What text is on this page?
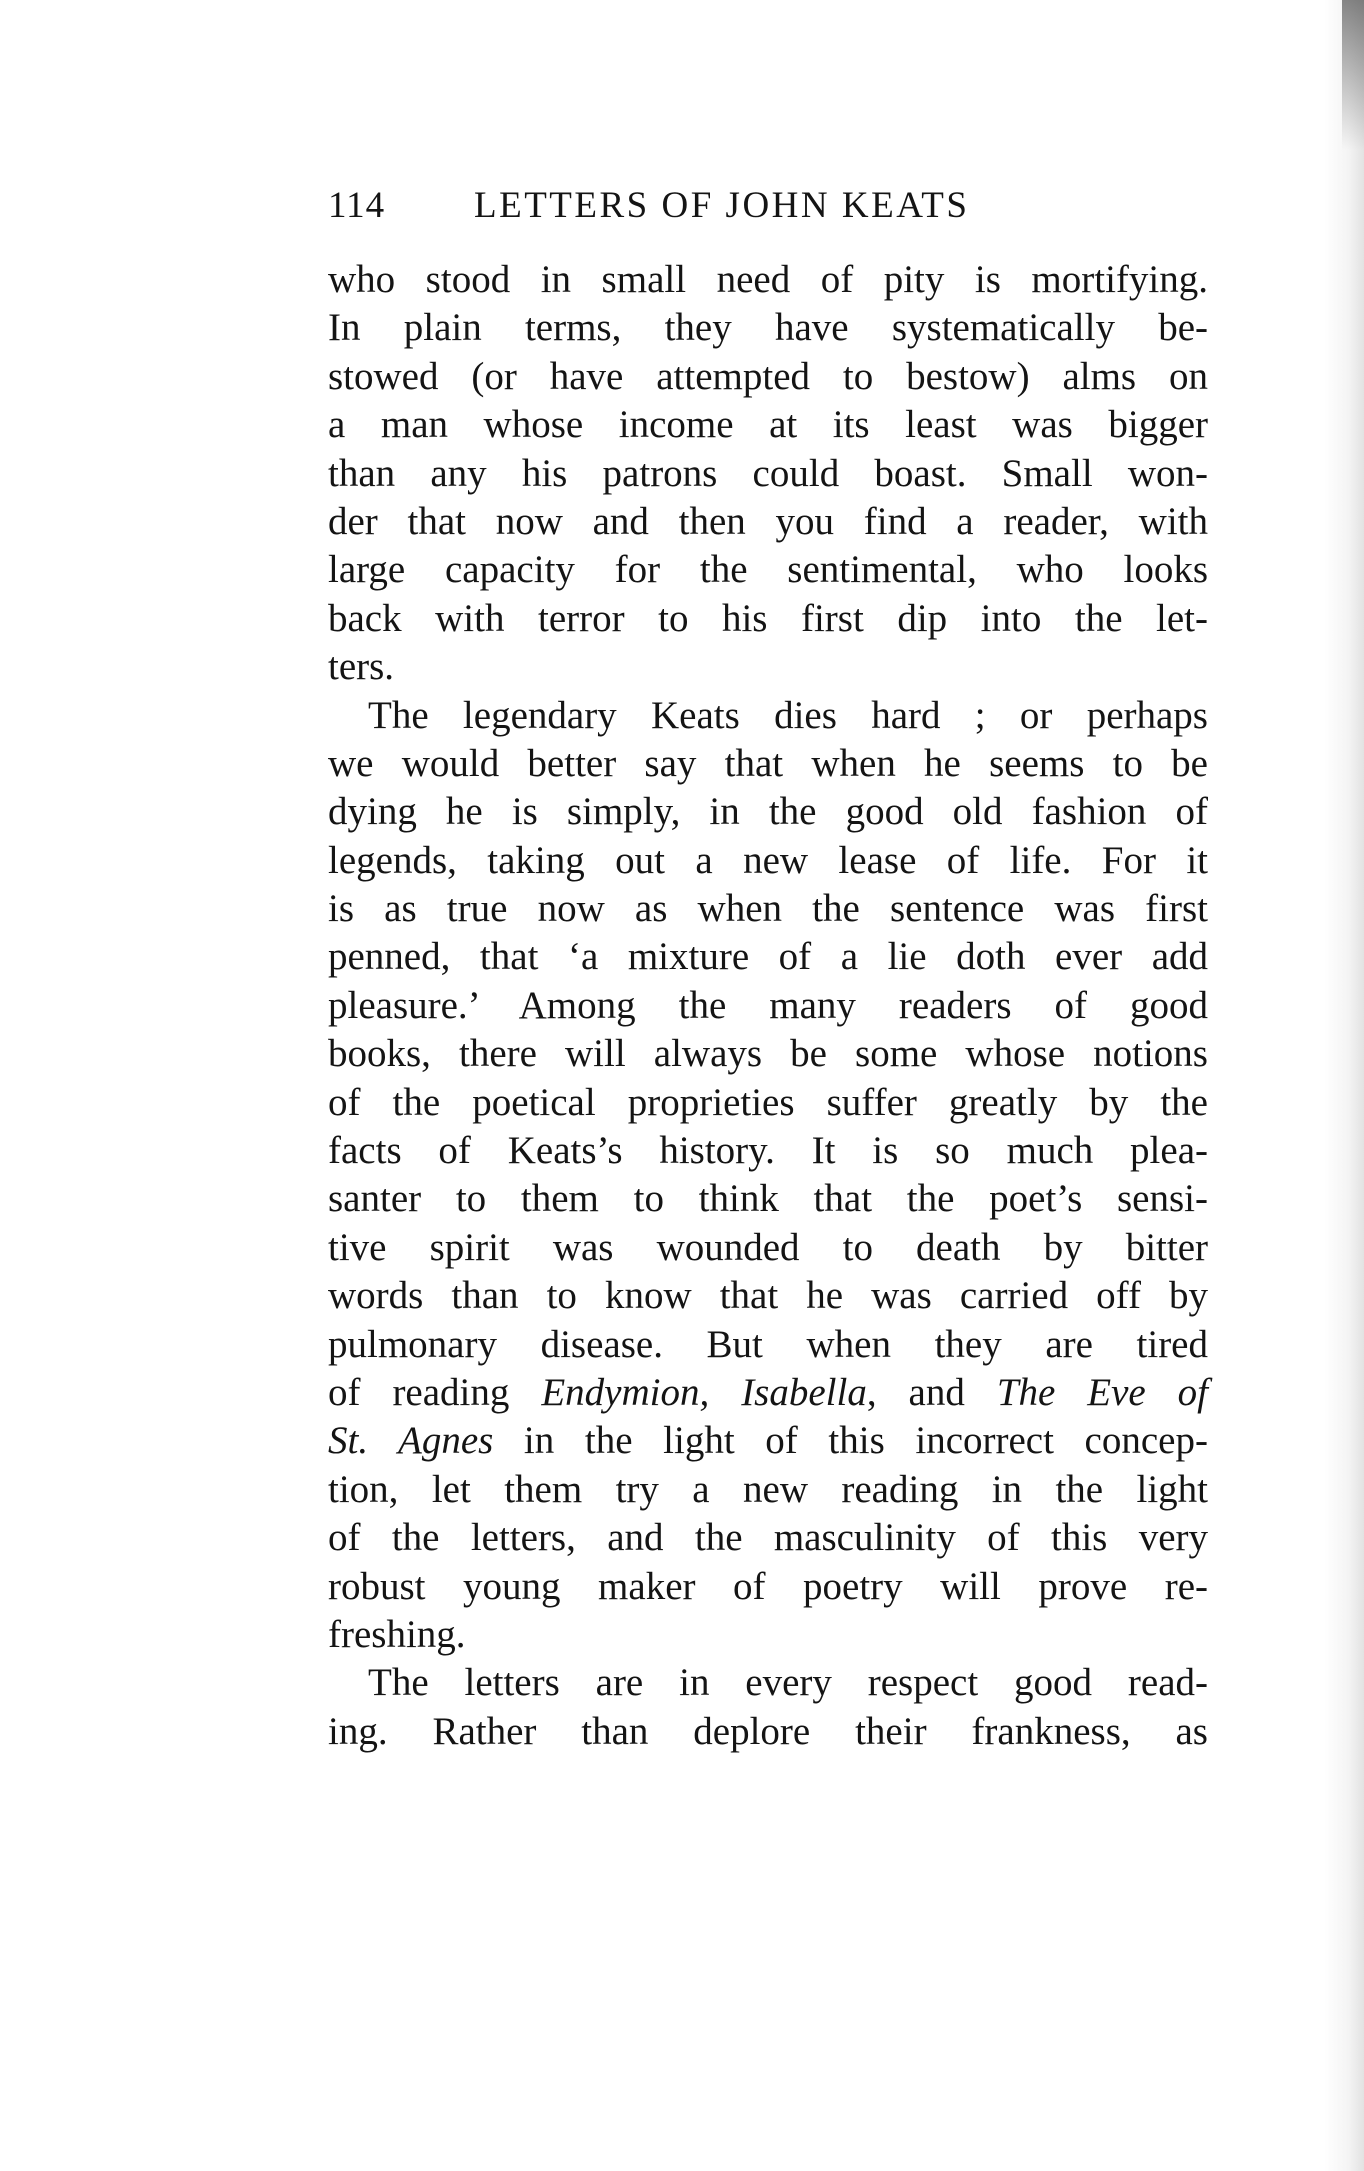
114 LETTERS OF JOHN KEATS
who stood in small need of pity is mortifying.
In plain terms, they have systematically be-
stowed (or have attempted to bestow) alms on
a man whose income at its least was bigger
than any his patrons could boast. Small won-
der that now and then you find a reader, with
large capacity for the sentimental, who looks
back with terror to his first dip into the let-
ters.
The legendary Keats dies hard ; or perhaps
we would better say that when he seems to be
dying he is simply, in the good old fashion of
legends, taking out a new lease of life. For it
is as true now as when the sentence was first
penned, that ‘a mixture of a lie doth ever add
pleasure.’ Among the many readers of good
books, there will always be some whose notions
of the poetical proprieties suffer greatly by the
facts of Keats’s history. It is so much plea-
santer to them to think that the poet’s sensi-
tive spirit was wounded to death by bitter
words than to know that he was carried off by
pulmonary disease. But when they are tired
of reading Endymion, Isabella, and The Eve of
St. Agnes in the light of this incorrect concep-
tion, let them try a new reading in the light
of the letters, and the masculinity of this very
robust young maker of poetry will prove re-
freshing.
The letters are in every respect good read-
ing. Rather than deplore their frankness, as
